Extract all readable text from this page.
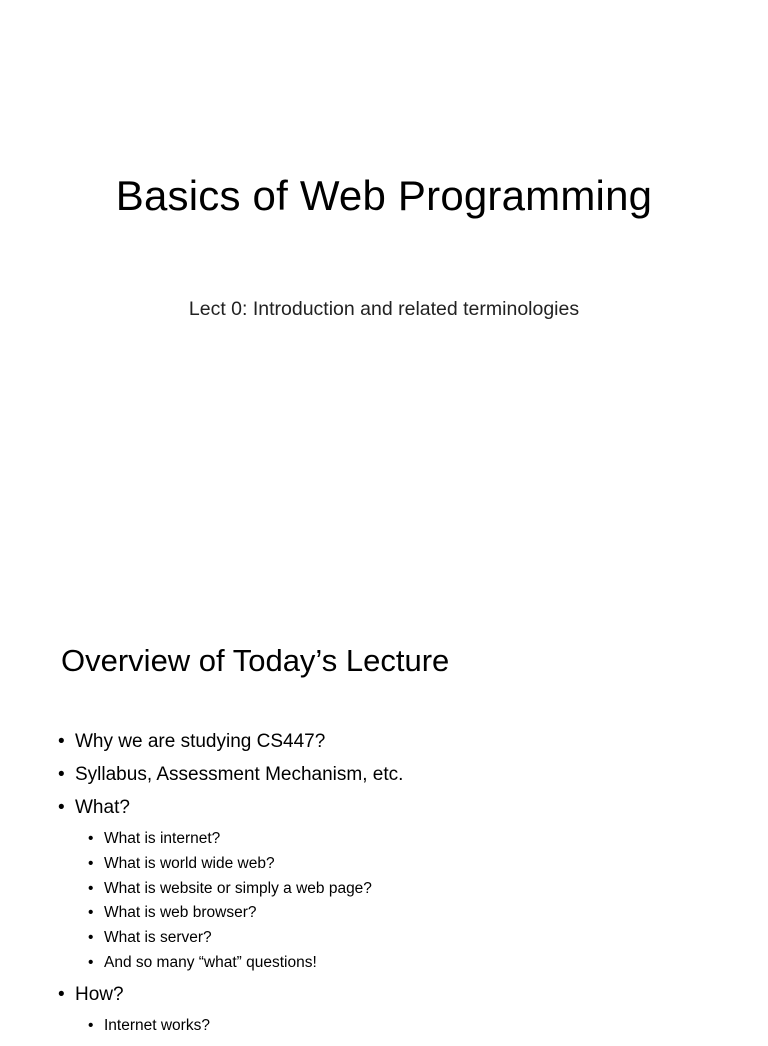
Basics of Web Programming
Lect 0: Introduction and related terminologies
Overview of Today’s Lecture
• Why we are studying CS447?
• Syllabus, Assessment Mechanism, etc.
• What?
• What is internet?
• What is world wide web?
• What is website or simply a web page?
• What is web browser?
• What is server?
• And so many “what” questions!
• How?
• Internet works?
